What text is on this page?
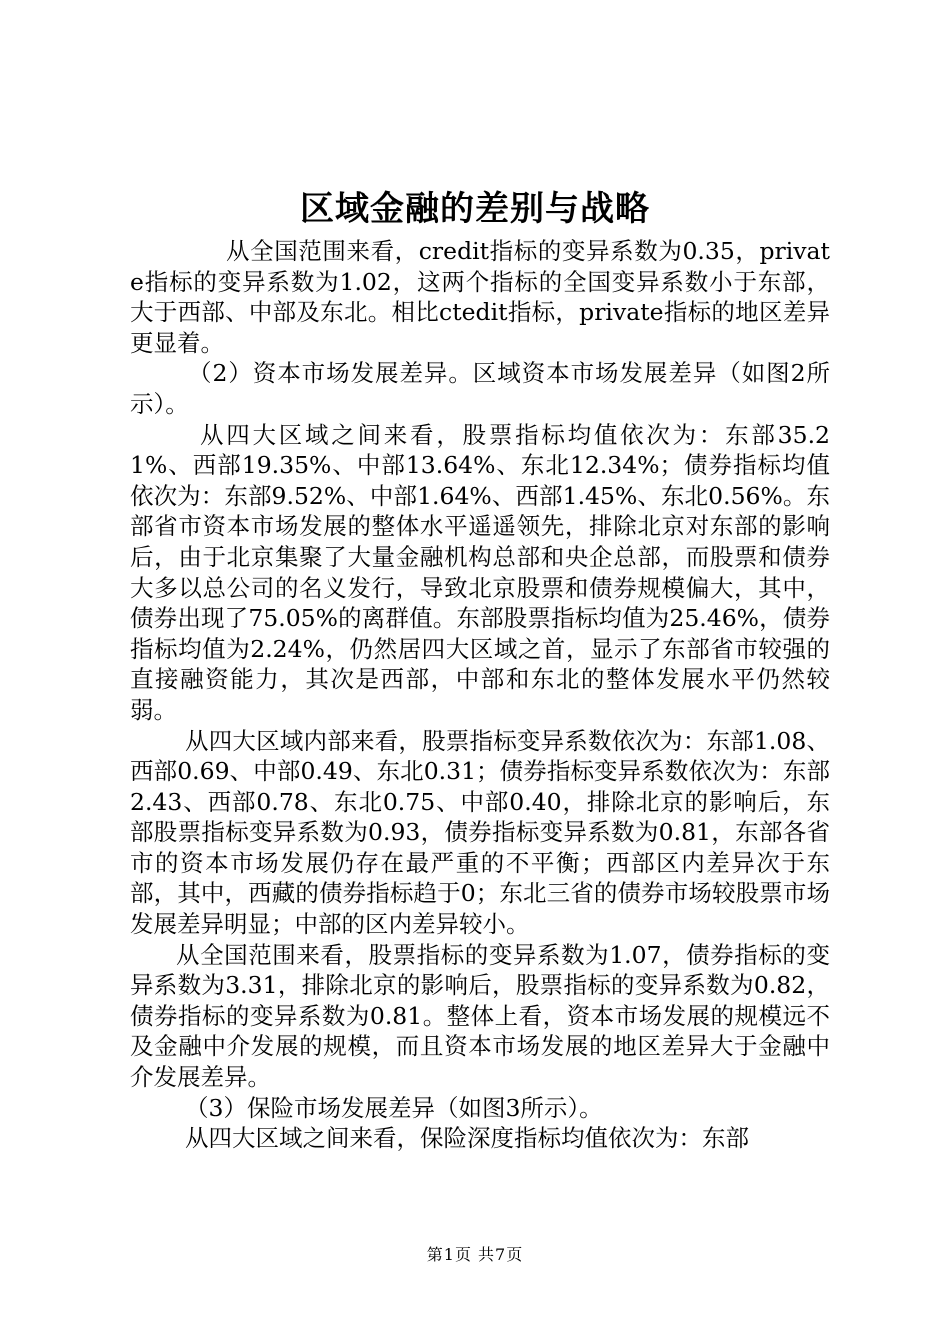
区域金融的差别与战略

从全国范围来看，credit指标的变异系数为0.35，private指标的变异系数为1.02，这两个指标的全国变异系数小于东部，大于西部、中部及东北。相比ctedit指标，private指标的地区差异更显着。

（2）资本市场发展差异。区域资本市场发展差异（如图2所示）。

从四大区域之间来看，股票指标均值依次为：东部35.21%、西部19.35%、中部13.64%、东北12.34%；债券指标均值依次为：东部9.52%、中部1.64%、西部1.45%、东北0.56%。东部省市资本市场发展的整体水平遥遥领先，排除北京对东部的影响后，由于北京集聚了大量金融机构总部和央企总部，而股票和债券大多以总公司的名义发行，导致北京股票和债券规模偏大，其中，债券出现了75.05%的离群值。东部股票指标均值为25.46%，债券指标均值为2.24%，仍然居四大区域之首，显示了东部省市较强的直接融资能力，其次是西部，中部和东北的整体发展水平仍然较弱。

从四大区域内部来看，股票指标变异系数依次为：东部1.08、西部0.69、中部0.49、东北0.31；债券指标变异系数依次为：东部2.43、西部0.78、东北0.75、中部0.40，排除北京的影响后，东部股票指标变异系数为0.93，债券指标变异系数为0.81，东部各省市的资本市场发展仍存在最严重的不平衡；西部区内差异次于东部，其中，西藏的债券指标趋于0；东北三省的债券市场较股票市场发展差异明显；中部的区内差异较小。

从全国范围来看，股票指标的变异系数为1.07，债券指标的变异系数为3.31，排除北京的影响后，股票指标的变异系数为0.82，债券指标的变异系数为0.81。整体上看，资本市场发展的规模远不及金融中介发展的规模，而且资本市场发展的地区差异大于金融中介发展差异。

（3）保险市场发展差异（如图3所示）。

从四大区域之间来看，保险深度指标均值依次为：东部

第1页 共7页
